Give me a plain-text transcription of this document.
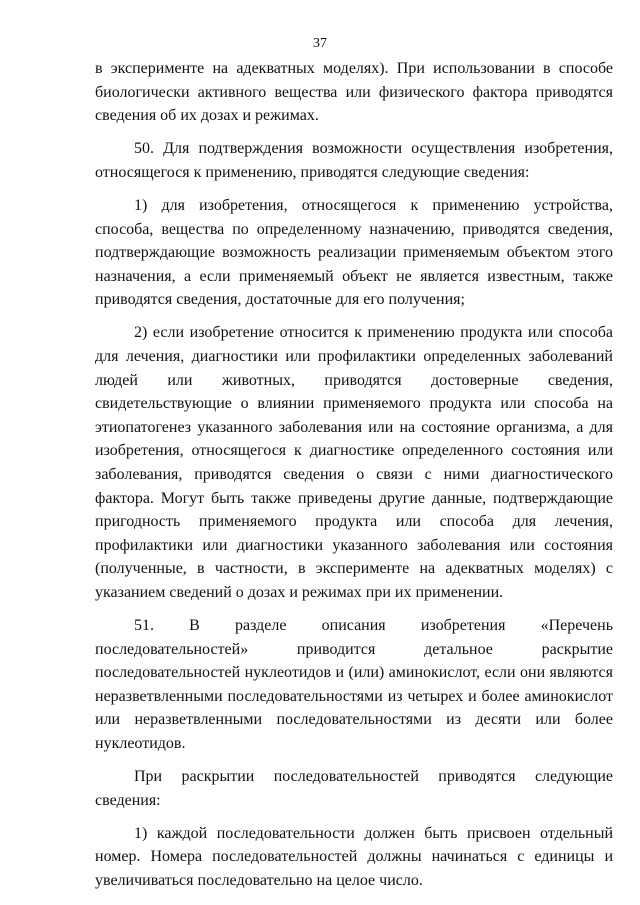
37

в эксперименте на адекватных моделях). При использовании в способе биологически активного вещества или физического фактора приводятся сведения об их дозах и режимах.

50. Для подтверждения возможности осуществления изобретения, относящегося к применению, приводятся следующие сведения:

1) для изобретения, относящегося к применению устройства, способа, вещества по определенному назначению, приводятся сведения, подтверждающие возможность реализации применяемым объектом этого назначения, а если применяемый объект не является известным, также приводятся сведения, достаточные для его получения;

2) если изобретение относится к применению продукта или способа для лечения, диагностики или профилактики определенных заболеваний людей или животных, приводятся достоверные сведения, свидетельствующие о влиянии применяемого продукта или способа на этиопатогенез указанного заболевания или на состояние организма, а для изобретения, относящегося к диагностике определенного состояния или заболевания, приводятся сведения о связи с ними диагностического фактора. Могут быть также приведены другие данные, подтверждающие пригодность применяемого продукта или способа для лечения, профилактики или диагностики указанного заболевания или состояния (полученные, в частности, в эксперименте на адекватных моделях) с указанием сведений о дозах и режимах при их применении.

51. В разделе описания изобретения «Перечень последовательностей» приводится детальное раскрытие последовательностей нуклеотидов и (или) аминокислот, если они являются неразветвленными последовательностями из четырех и более аминокислот или неразветвленными последовательностями из десяти или более нуклеотидов.

При раскрытии последовательностей приводятся следующие сведения:

1) каждой последовательности должен быть присвоен отдельный номер. Номера последовательностей должны начинаться с единицы и увеличиваться последовательно на целое число.
